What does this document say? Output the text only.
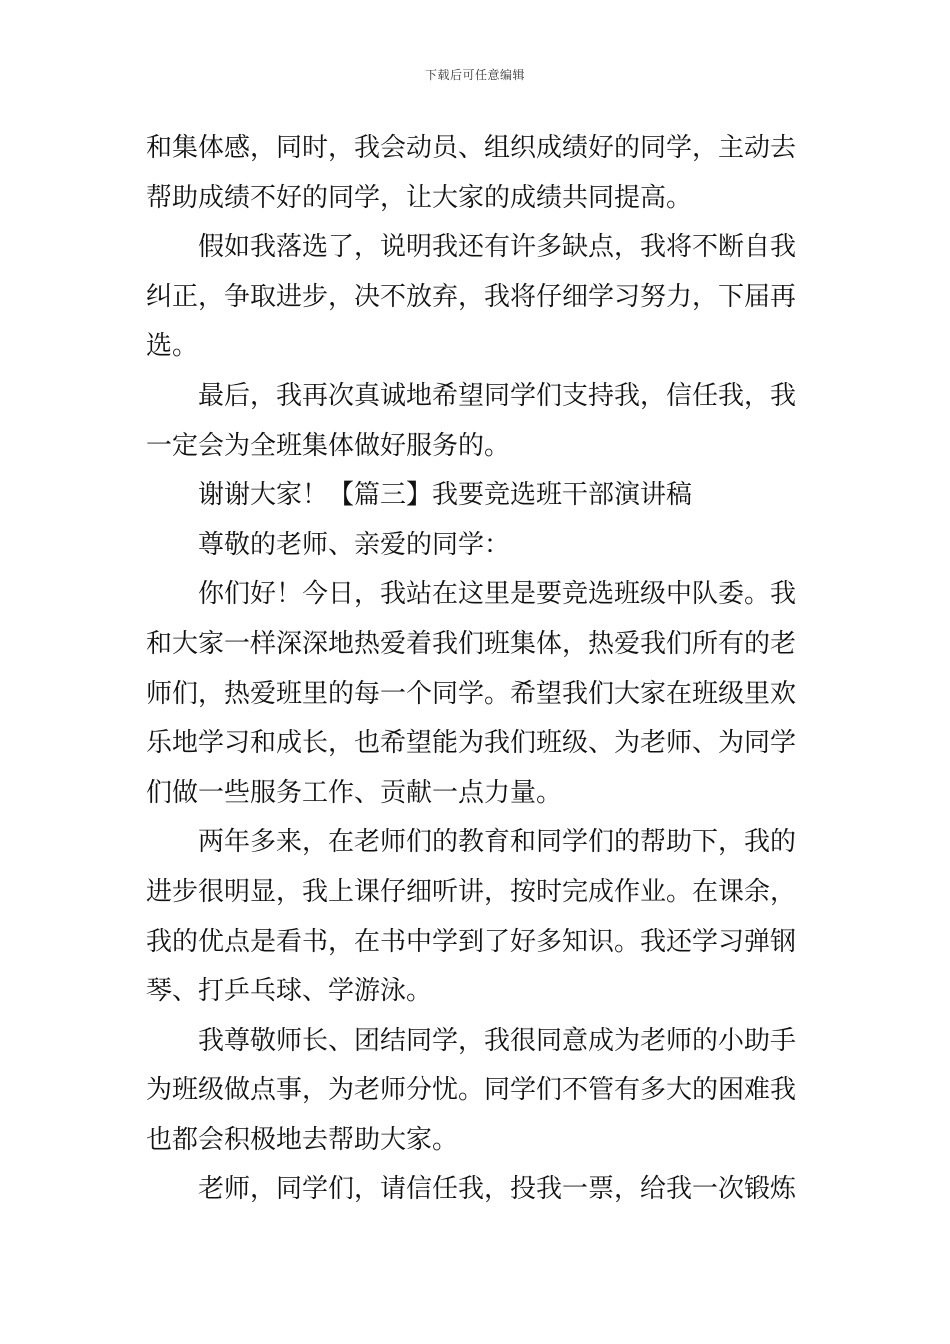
下载后可任意编辑
和集体感，同时，我会动员、组织成绩好的同学，主动去
帮助成绩不好的同学，让大家的成绩共同提高。
假如我落选了，说明我还有许多缺点，我将不断自我
纠正，争取进步，决不放弃，我将仔细学习努力，下届再
选。
最后，我再次真诚地希望同学们支持我，信任我，我
一定会为全班集体做好服务的。
谢谢大家！【篇三】我要竞选班干部演讲稿
尊敬的老师、亲爱的同学：
你们好！今日，我站在这里是要竞选班级中队委。我
和大家一样深深地热爱着我们班集体，热爱我们所有的老
师们，热爱班里的每一个同学。希望我们大家在班级里欢
乐地学习和成长，也希望能为我们班级、为老师、为同学
们做一些服务工作、贡献一点力量。
两年多来，在老师们的教育和同学们的帮助下，我的
进步很明显，我上课仔细听讲，按时完成作业。在课余，
我的优点是看书，在书中学到了好多知识。我还学习弹钢
琴、打乒乓球、学游泳。
我尊敬师长、团结同学，我很同意成为老师的小助手
为班级做点事，为老师分忧。同学们不管有多大的困难我
也都会积极地去帮助大家。
老师，同学们，请信任我，投我一票，给我一次锻炼
